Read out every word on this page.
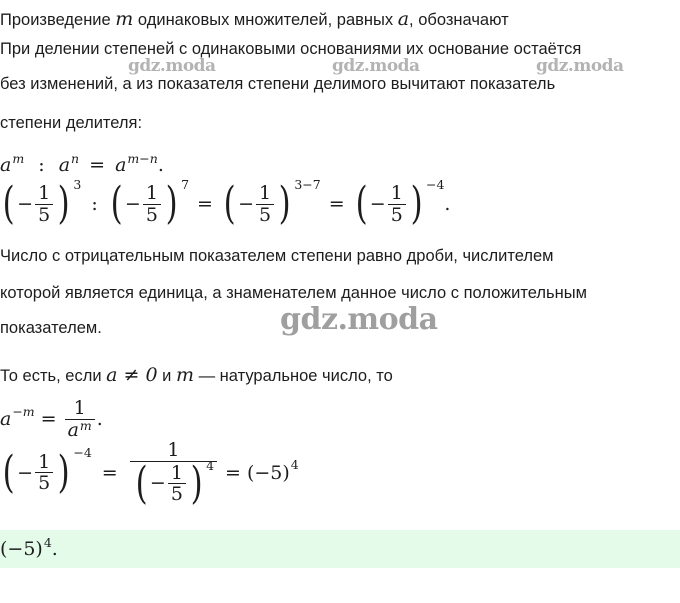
Произведение m одинаковых множителей, равных a, обозначают
При делении степеней с одинаковыми основаниями их основание остаётся
без изменений, а из показателя степени делимого вычитают показатель
степени делителя:
gdz.moda	gdz.moda	gdz.moda
$a^m$ : $a^n = a^{m-n}$.
( − $\frac{1}{5}$ ) 3
: ( − $\frac{1}{5}$ ) 7
= ( − $\frac{1}{5}$ ) 3−7
= ( − $\frac{1}{5}$ ) −4
.
Число с отрицательным показателем степени равно дроби, числителем
которой является единица, а знаменателем данное число с положительным
показателем.	gdz.moda
То есть, если a ≠ 0 и m — натуральное число, то
$a -m = \frac{1}{a^m}$ .
( − $\frac{1}{5}$ ) −4
= $\frac{1}{( - \frac{1}{5} ) 4} = (-5)$ 4
$(-5)^4$.
